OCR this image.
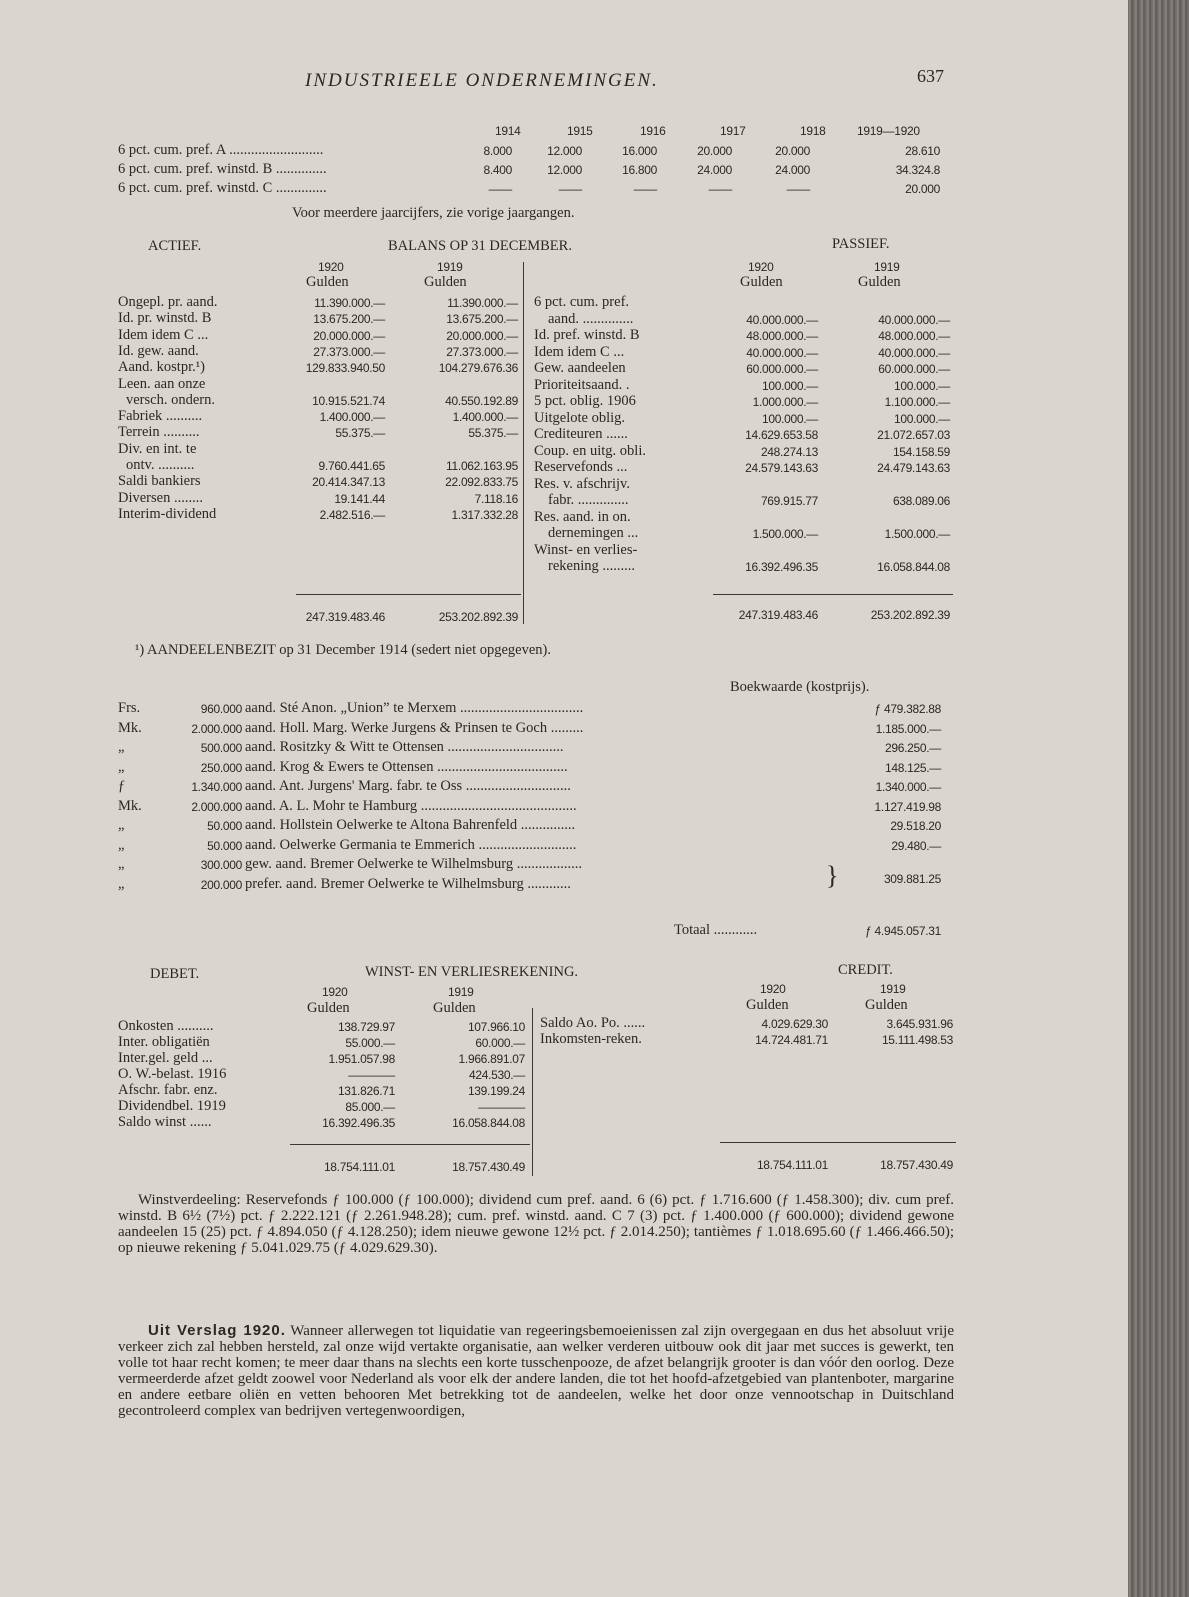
INDUSTRIEELE ONDERNEMINGEN.	637
1914	1915	1916	1917	1918	1919—1920
6 pct. cum. pref. A ..........................	8.000	12.000	16.000	20.000	20.000	28.610
6 pct. cum. pref. winstd. B ..............	8.400	12.000	16.800	24.000	24.000	34.324.8
6 pct. cum. pref. winstd. C ..............	——	——	——	——	——	20.000
Voor meerdere jaarcijfers, zie vorige jaargangen.
ACTIEF.	BALANS OP 31 DECEMBER.	PASSIEF.
1920	1919
Gulden	Gulden
1920	1919
Gulden	Gulden
Ongepl. pr. aand.	11.390.000.—	11.390.000.—
Id. pr. winstd. B	13.675.200.—	13.675.200.—
Idem idem C ...	20.000.000.—	20.000.000.—
Id. gew. aand.	27.373.000.—	27.373.000.—
Aand. kostpr.¹)	129.833.940.50	104.279.676.36
Leen. aan onze
versch. ondern.	10.915.521.74	40.550.192.89
Fabriek ..........	1.400.000.—	1.400.000.—
Terrein ..........	55.375.—	55.375.—
Div. en int. te
ontv. ..........	9.760.441.65	11.062.163.95
Saldi bankiers	20.414.347.13	22.092.833.75
Diversen ........	19.141.44	7.118.16
Interim-dividend	2.482.516.—	1.317.332.28
6 pct. cum. pref.
aand. ..............	40.000.000.—	40.000.000.—
Id. pref. winstd. B	48.000.000.—	48.000.000.—
Idem idem C ...	40.000.000.—	40.000.000.—
Gew. aandeelen	60.000.000.—	60.000.000.—
Prioriteitsaand. .	100.000.—	100.000.—
5 pct. oblig. 1906	1.000.000.—	1.100.000.—
Uitgelote oblig.	100.000.—	100.000.—
Crediteuren ......	14.629.653.58	21.072.657.03
Coup. en uitg. obli.	248.274.13	154.158.59
Reservefonds ...	24.579.143.63	24.479.143.63
Res. v. afschrijv.
fabr. ..............	769.915.77	638.089.06
Res. aand. in on.
dernemingen ...	1.500.000.—	1.500.000.—
Winst- en verlies-
rekening .........	16.392.496.35	16.058.844.08
247.319.483.46	253.202.892.39	247.319.483.46	253.202.892.39
¹) AANDEELENBEZIT op 31 December 1914 (sedert niet opgegeven).
Boekwaarde (kostprijs).
Frs.	960.000 aand. Sté Anon. „Union” te Merxem ..................................	ƒ 479.382.88
Mk.	2.000.000 aand. Holl. Marg. Werke Jurgens & Prinsen te Goch .........	1.185.000.—
„	500.000 aand. Rositzky & Witt te Ottensen ................................	296.250.—
„	250.000 aand. Krog & Ewers te Ottensen ....................................	148.125.—
ƒ	1.340.000 aand. Ant. Jurgens' Marg. fabr. te Oss .............................	1.340.000.—
Mk.	2.000.000 aand. A. L. Mohr te Hamburg ...........................................	1.127.419.98
„	50.000 aand. Hollstein Oelwerke te Altona Bahrenfeld ...............	29.518.20
„	50.000 aand. Oelwerke Germania te Emmerich ...........................	29.480.—
„	300.000 gew. aand. Bremer Oelwerke te Wilhelmsburg ..................
„	200.000 prefer. aand. Bremer Oelwerke te Wilhelmsburg ............	}	309.881.25
Totaal ............	ƒ 4.945.057.31
DEBET.	WINST- EN VERLIESREKENING.	CREDIT.
1920	1919
Gulden	Gulden
1920	1919
Gulden	Gulden
Onkosten ..........	138.729.97	107.966.10
Inter. obligatiën	55.000.—	60.000.—
Inter.gel. geld ...	1.951.057.98	1.966.891.07
O. W.-belast. 1916	————	424.530.—
Afschr. fabr. enz.	131.826.71	139.199.24
Dividendbel. 1919	85.000.—	————
Saldo winst ......	16.392.496.35	16.058.844.08
Saldo Ao. Po. ......	4.029.629.30	3.645.931.96
Inkomsten-reken.	14.724.481.71	15.111.498.53
18.754.111.01	18.757.430.49	18.754.111.01	18.757.430.49
Winstverdeeling: Reservefonds ƒ 100.000 (ƒ 100.000); dividend cum pref. aand. 6 (6) pct. ƒ 1.716.600 (ƒ 1.458.300); div. cum pref. winstd. B 6½ (7½) pct. ƒ 2.222.121 (ƒ 2.261.948.28); cum. pref. winstd. aand. C 7 (3) pct. ƒ 1.400.000 (ƒ 600.000); dividend gewone aandeelen 15 (25) pct. ƒ 4.894.050 (ƒ 4.128.250); idem nieuwe gewone 12½ pct. ƒ 2.014.250); tantièmes ƒ 1.018.695.60 (ƒ 1.466.466.50); op nieuwe rekening ƒ 5.041.029.75 (ƒ 4.029.629.30).
Uit Verslag 1920. Wanneer allerwegen tot liquidatie van regeeringsbemoeienissen zal zijn overgegaan en dus het absoluut vrije verkeer zich zal hebben hersteld, zal onze wijd vertakte organisatie, aan welker verderen uitbouw ook dit jaar met succes is gewerkt, ten volle tot haar recht komen; te meer daar thans na slechts een korte tusschenpooze, de afzet belangrijk grooter is dan vóór den oorlog. Deze vermeerderde afzet geldt zoowel voor Nederland als voor elk der andere landen, die tot het hoofd-afzetgebied van plantenboter, margarine en andere eetbare oliën en vetten behooren Met betrekking tot de aandeelen, welke het door onze vennootschap in Duitschland gecontroleerd complex van bedrijven vertegenwoordigen,
